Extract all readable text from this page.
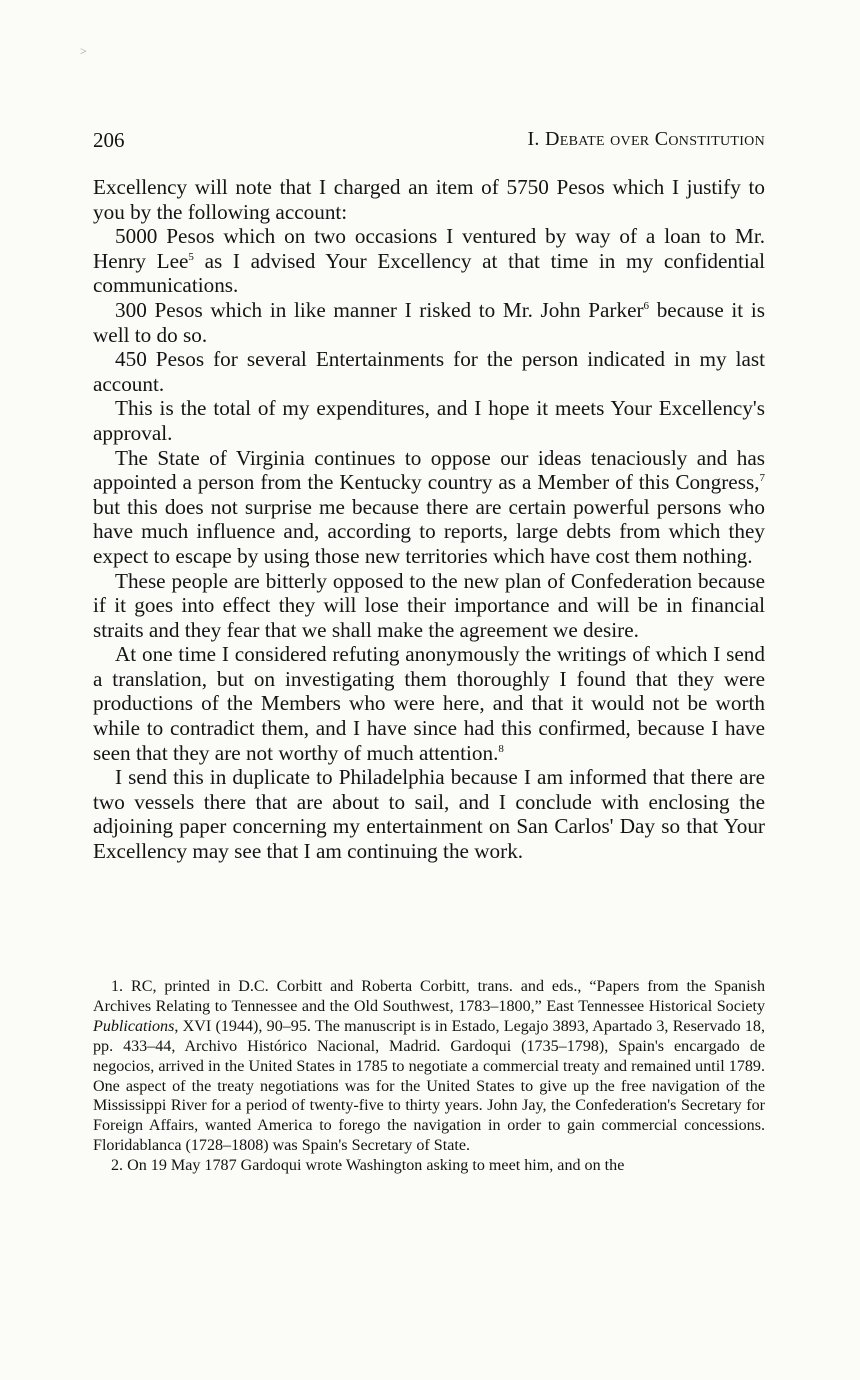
>
206	I. Debate over Constitution

Excellency will note that I charged an item of 5750 Pesos which I justify to you by the following account:

5000 Pesos which on two occasions I ventured by way of a loan to Mr. Henry Lee$^5$ as I advised Your Excellency at that time in my confidential communications.

300 Pesos which in like manner I risked to Mr. John Parker$^6$ because it is well to do so.

450 Pesos for several Entertainments for the person indicated in my last account.

This is the total of my expenditures, and I hope it meets Your Excellency's approval.

The State of Virginia continues to oppose our ideas tenaciously and has appointed a person from the Kentucky country as a Member of this Congress,$^7$ but this does not surprise me because there are certain powerful persons who have much influence and, according to reports, large debts from which they expect to escape by using those new territories which have cost them nothing.

These people are bitterly opposed to the new plan of Confederation because if it goes into effect they will lose their importance and will be in financial straits and they fear that we shall make the agreement we desire.

At one time I considered refuting anonymously the writings of which I send a translation, but on investigating them thoroughly I found that they were productions of the Members who were here, and that it would not be worth while to contradict them, and I have since had this confirmed, because I have seen that they are not worthy of much attention.$^8$

I send this in duplicate to Philadelphia because I am informed that there are two vessels there that are about to sail, and I conclude with enclosing the adjoining paper concerning my entertainment on San Carlos' Day so that Your Excellency may see that I am continuing the work.

1. RC, printed in D.C. Corbitt and Roberta Corbitt, trans. and eds., “Papers from the Spanish Archives Relating to Tennessee and the Old Southwest, 1783–1800,” East Tennessee Historical Society Publications, XVI (1944), 90–95. The manuscript is in Estado, Legajo 3893, Apartado 3, Reservado 18, pp. 433–44, Archivo Histórico Nacional, Madrid. Gardoqui (1735–1798), Spain's encargado de negocios, arrived in the United States in 1785 to negotiate a commercial treaty and remained until 1789. One aspect of the treaty negotiations was for the United States to give up the free navigation of the Mississippi River for a period of twenty-five to thirty years. John Jay, the Confederation's Secretary for Foreign Affairs, wanted America to forego the navigation in order to gain commercial concessions. Floridablanca (1728–1808) was Spain's Secretary of State.

2. On 19 May 1787 Gardoqui wrote Washington asking to meet him, and on the
